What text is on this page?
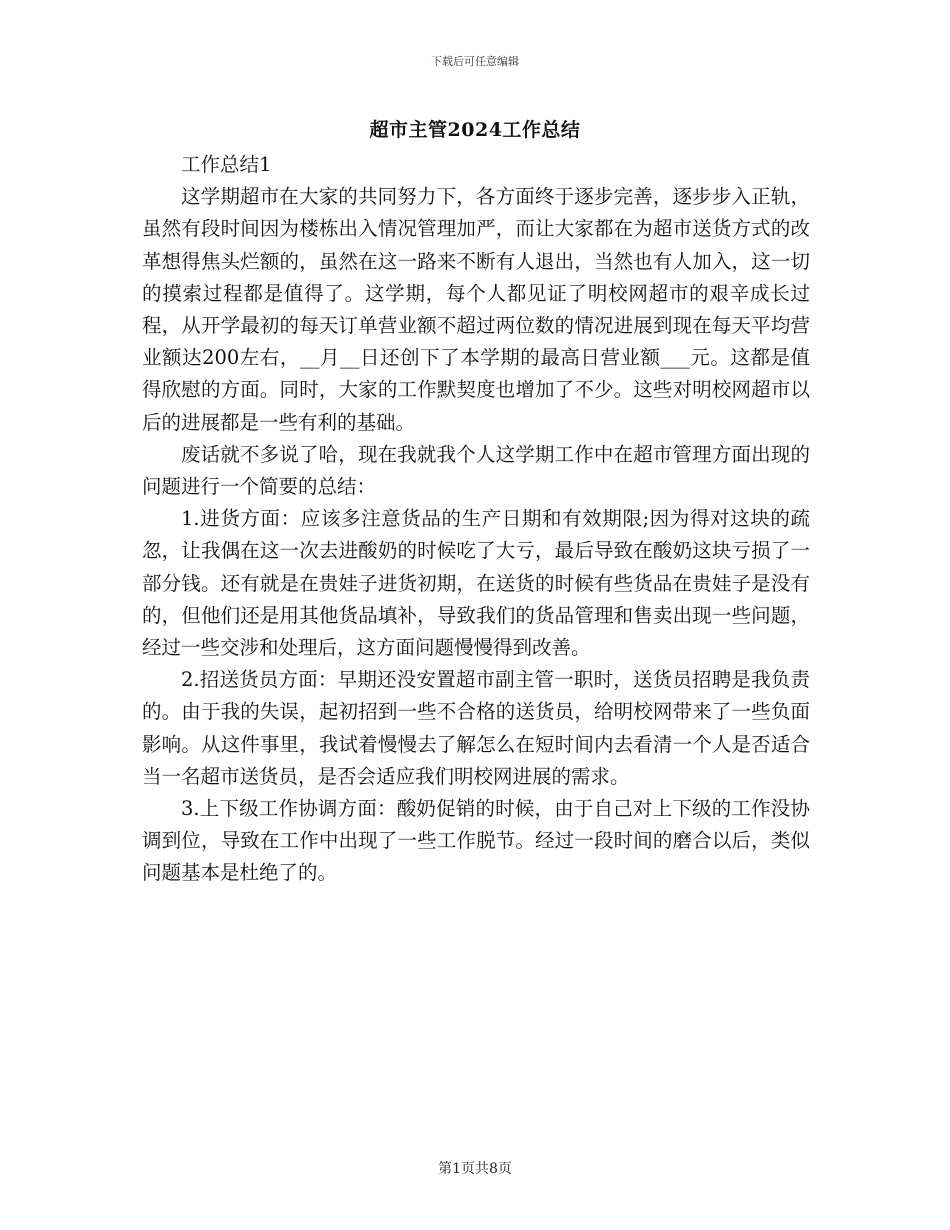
下载后可任意编辑
超市主管2024工作总结

工作总结1

这学期超市在大家的共同努力下，各方面终于逐步完善，逐步步入正轨，虽然有段时间因为楼栋出入情况管理加严，而让大家都在为超市送货方式的改革想得焦头烂额的，虽然在这一路来不断有人退出，当然也有人加入，这一切的摸索过程都是值得了。这学期，每个人都见证了明校网超市的艰辛成长过程，从开学最初的每天订单营业额不超过两位数的情况进展到现在每天平均营业额达200左右，__月__日还创下了本学期的最高日营业额___元。这都是值得欣慰的方面。同时，大家的工作默契度也增加了不少。这些对明校网超市以后的进展都是一些有利的基础。

废话就不多说了哈，现在我就我个人这学期工作中在超市管理方面出现的问题进行一个简要的总结：

1.进货方面：应该多注意货品的生产日期和有效期限;因为得对这块的疏忽，让我偶在这一次去进酸奶的时候吃了大亏，最后导致在酸奶这块亏损了一部分钱。还有就是在贵娃子进货初期，在送货的时候有些货品在贵娃子是没有的，但他们还是用其他货品填补，导致我们的货品管理和售卖出现一些问题，经过一些交涉和处理后，这方面问题慢慢得到改善。

2.招送货员方面：早期还没安置超市副主管一职时，送货员招聘是我负责的。由于我的失误，起初招到一些不合格的送货员，给明校网带来了一些负面影响。从这件事里，我试着慢慢去了解怎么在短时间内去看清一个人是否适合当一名超市送货员，是否会适应我们明校网进展的需求。

3.上下级工作协调方面：酸奶促销的时候，由于自己对上下级的工作没协调到位，导致在工作中出现了一些工作脱节。经过一段时间的磨合以后，类似问题基本是杜绝了的。

第1页共8页
